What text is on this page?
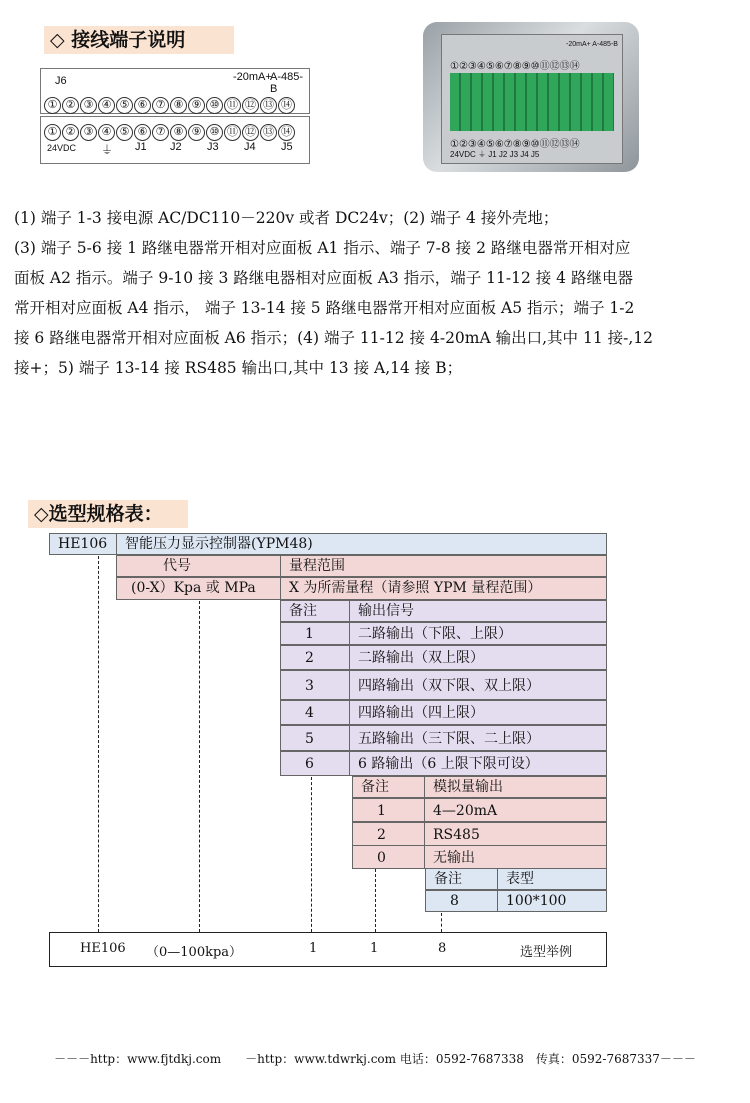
◇ 接线端子说明
J6	-20mA+
A-485-B
① ② ③ ④ ⑤ ⑥ ⑦ ⑧ ⑨ ⑩ ⑪ ⑫ ⑬ ⑭
① ② ③ ④ ⑤ ⑥ ⑦ ⑧ ⑨ ⑩ ⑪ ⑫ ⑬ ⑭
24VDC ⏚ J1 J2 J3 J4 J5
-20mA+ A-485-B
①②③④⑤⑥⑦⑧⑨⑩⑪⑫⑬⑭
①②③④⑤⑥⑦⑧⑨⑩⑪⑫⑬⑭
24VDC ⏚ J1 J2 J3 J4 J5

(1) 端子 1-3 接电源 AC/DC110－220v 或者 DC24v；(2) 端子 4 接外壳地；

(3) 端子 5-6 接 1 路继电器常开相对应面板 A1 指示、端子 7-8 接 2 路继电器常开相对应

面板 A2 指示。端子 9-10 接 3 路继电器相对应面板 A3 指示，端子 11-12 接 4 路继电器

常开相对应面板 A4 指示， 端子 13-14 接 5 路继电器常开相对应面板 A5 指示；端子 1-2

接 6 路继电器常开相对应面板 A6 指示；(4) 端子 11-12 接 4-20mA 输出口,其中 11 接-,12

接+；5) 端子 13-14 接 RS485 输出口,其中 13 接 A,14 接 B；

◇选型规格表：
HE106	智能压力显示控制器(YPM48)
代号	量程范围
(0-X）Kpa 或 MPa	X 为所需量程（请参照 YPM 量程范围）
备注	输出信号
1	二路输出（下限、上限）
2	二路输出（双上限）
3	四路输出（双下限、双上限）
4	四路输出（四上限）
5	五路输出（三下限、二上限）
6	6 路输出（6 上限下限可设）
备注	模拟量输出
1	4—20mA
2	RS485
0	无输出
备注	表型
8	100*100
HE106 （0—100kpa）	1	1	8	选型举例
－－－http：www.fjtdkj.com　　－http：www.tdwrkj.com 电话：0592-7687338　传真：0592-7687337－－－
